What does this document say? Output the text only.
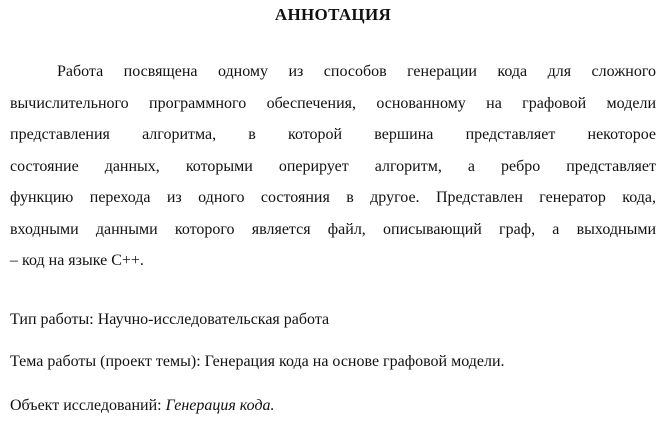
АННОТАЦИЯ
Работа посвящена одному из способов генерации кода для сложного
вычислительного программного обеспечения, основанному на графовой модели
представления алгоритма, в которой вершина представляет некоторое
состояние данных, которыми оперирует алгоритм, а ребро представляет
функцию перехода из одного состояния в другое. Представлен генератор кода,
входными данными которого является файл, описывающий граф, а выходными
– код на языке C++.
Тип работы: Научно-исследовательская работа
Тема работы (проект темы): Генерация кода на основе графовой модели.
Объект исследований: Генерация кода.
